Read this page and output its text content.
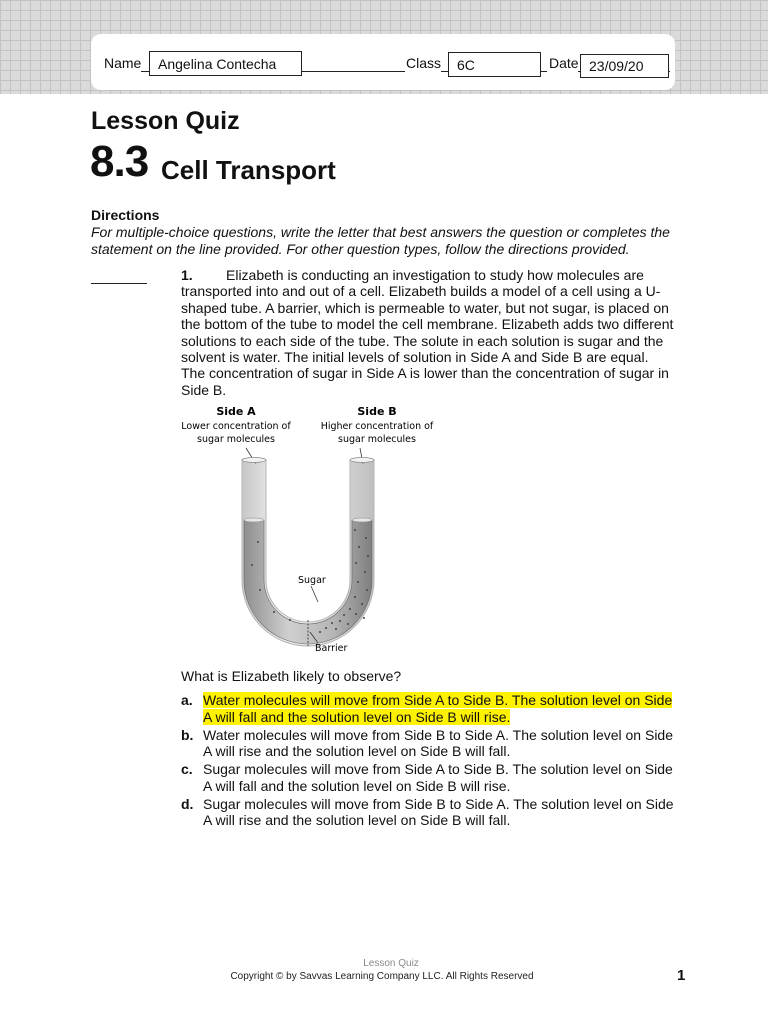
Name	Angelina Contecha	Class	6C	Date 23/09/20
Lesson Quiz
8.3 Cell Transport
Directions
For multiple-choice questions, write the letter that best answers the question or completes the statement on the line provided. For other question types, follow the directions provided.
Elizabeth is conducting an investigation to study how molecules are transported into and out of a cell. Elizabeth builds a model of a cell using a U-shaped tube. A barrier, which is permeable to water, but not sugar, is placed on the bottom of the tube to model the cell membrane. Elizabeth adds two different solutions to each side of the tube. The solute in each solution is sugar and the solvent is water. The initial levels of solution in Side A and Side B are equal. The concentration of sugar in Side A is lower than the concentration of sugar in Side B.
1.
Side A
Lower concentration of
sugar molecules
Side B
Higher concentration of
sugar molecules
Sugar
Barrier
What is Elizabeth likely to observe?
a. Water molecules will move from Side A to Side B. The solution level on Side A will fall and the solution level on Side B will rise.
b. Water molecules will move from Side B to Side A. The solution level on Side A will rise and the solution level on Side B will fall.
c. Sugar molecules will move from Side A to Side B. The solution level on Side A will fall and the solution level on Side B will rise.
d. Sugar molecules will move from Side B to Side A. The solution level on Side A will rise and the solution level on Side B will fall.
Lesson Quiz
Copyright © by Savvas Learning Company LLC. All Rights Reserved	1
